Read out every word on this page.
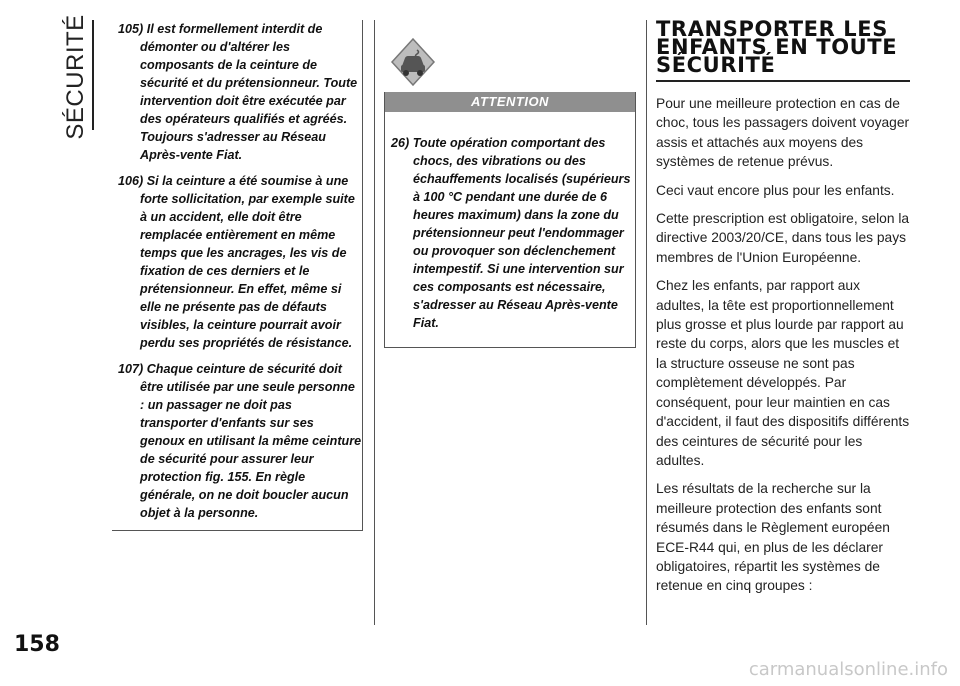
SÉCURITÉ	105) Il est formellement interdit de démonter ou d'altérer les composants de la ceinture de sécurité et du prétensionneur. Toute intervention doit être exécutée par des opérateurs qualifiés et agréés. Toujours s'adresser au Réseau Après-vente Fiat.

106) Si la ceinture a été soumise à une forte sollicitation, par exemple suite à un accident, elle doit être remplacée entièrement en même temps que les ancrages, les vis de fixation de ces derniers et le prétensionneur. En effet, même si elle ne présente pas de défauts visibles, la ceinture pourrait avoir perdu ses propriétés de résistance.

107) Chaque ceinture de sécurité doit être utilisée par une seule personne : un passager ne doit pas transporter d'enfants sur ses genoux en utilisant la même ceinture de sécurité pour assurer leur protection fig. 155. En règle générale, on ne doit boucler aucun objet à la personne.

ATTENTION

26) Toute opération comportant des chocs, des vibrations ou des échauffements localisés (supérieurs à 100 °C pendant une durée de 6 heures maximum) dans la zone du prétensionneur peut l'endommager ou provoquer son déclenchement intempestif. Si une intervention sur ces composants est nécessaire, s'adresser au Réseau Après-vente Fiat.

TRANSPORTER LES
ENFANTS EN TOUTE
SÉCURITÉ

Pour une meilleure protection en cas de choc, tous les passagers doivent voyager assis et attachés aux moyens des systèmes de retenue prévus.

Ceci vaut encore plus pour les enfants.

Cette prescription est obligatoire, selon la directive 2003/20/CE, dans tous les pays membres de l'Union Européenne.

Chez les enfants, par rapport aux adultes, la tête est proportionnellement plus grosse et plus lourde par rapport au reste du corps, alors que les muscles et la structure osseuse ne sont pas complètement développés. Par conséquent, pour leur maintien en cas d'accident, il faut des dispositifs différents des ceintures de sécurité pour les adultes.

Les résultats de la recherche sur la meilleure protection des enfants sont résumés dans le Règlement européen ECE-R44 qui, en plus de les déclarer obligatoires, répartit les systèmes de retenue en cinq groupes :

158
carmanualsonline.info
